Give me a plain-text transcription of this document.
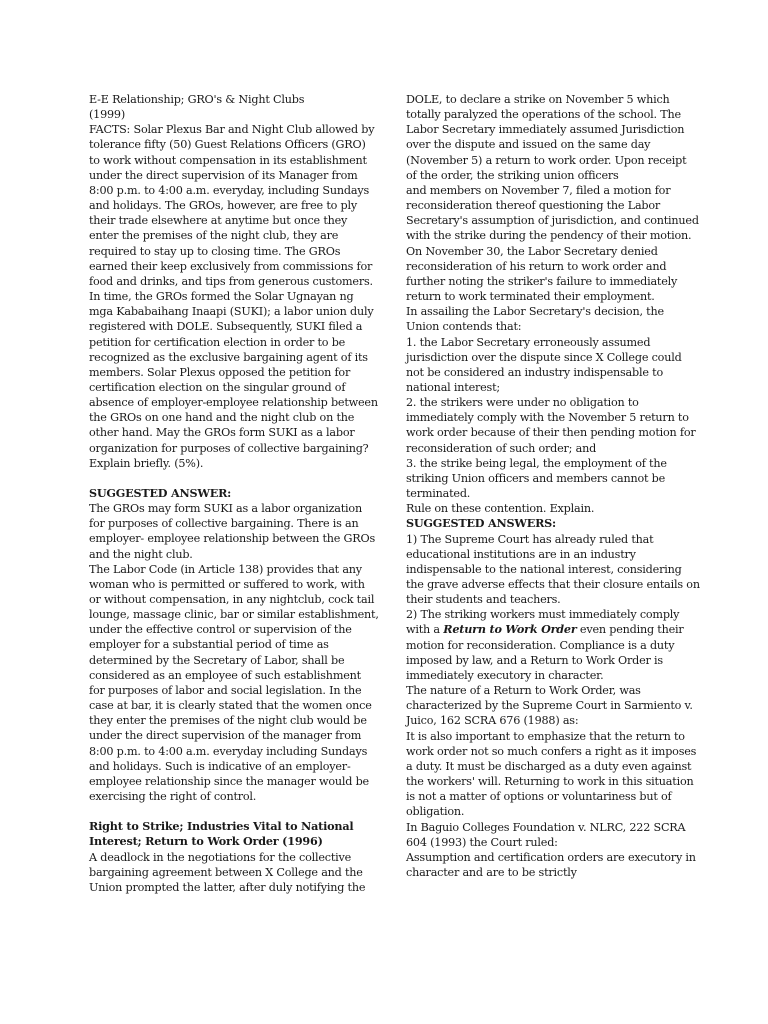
E-E Relationship; GRO's & Night Clubs

(1999)

FACTS: Solar Plexus Bar and Night Club allowed by tolerance fifty (50) Guest Relations Officers (GRO) to work without compensation in its establishment under the direct supervision of its Manager from 8:00 p.m. to 4:00 a.m. everyday, including Sundays and holidays. The GROs, however, are free to ply their trade elsewhere at anytime but once they enter the premises of the night club, they are required to stay up to closing time. The GROs earned their keep exclusively from commissions for food and drinks, and tips from generous customers. In time, the GROs formed the Solar Ugnayan ng mga Kababaihang Inaapi (SUKI); a labor union duly registered with DOLE. Subsequently, SUKI filed a petition for certification election in order to be recognized as the exclusive bargaining agent of its members. Solar Plexus opposed the petition for certification election on the singular ground of absence of employer-employee relationship between the GROs on one hand and the night club on the other hand. May the GROs form SUKI as a labor organization for purposes of collective bargaining? Explain briefly. (5%).

SUGGESTED ANSWER:

The GROs may form SUKI as a labor organization for purposes of collective bargaining. There is an employer- employee relationship between the GROs and the night club.

The Labor Code (in Article 138) provides that any woman who is permitted or suffered to work, with or without compensation, in any nightclub, cock tail lounge, massage clinic, bar or similar establishment, under the effective control or supervision of the employer for a substantial period of time as determined by the Secretary of Labor, shall be considered as an employee of such establishment for purposes of labor and social legislation. In the case at bar, it is clearly stated that the women once they enter the premises of the night club would be under the direct supervision of the manager from 8:00 p.m. to 4:00 a.m. everyday including Sundays and holidays. Such is indicative of an employer-employee relationship since the manager would be exercising the right of control.

Right to Strike; Industries Vital to National Interest; Return to Work Order (1996)

A deadlock in the negotiations for the collective bargaining agreement between X College and the Union prompted the latter, after duly notifying the

DOLE, to declare a strike on November 5 which totally paralyzed the operations of the school. The Labor Secretary immediately assumed Jurisdiction over the dispute and issued on the same day (November 5) a return to work order. Upon receipt of the order, the striking union officers

and members on November 7, filed a motion for reconsideration thereof questioning the Labor Secretary's assumption of jurisdiction, and continued with the strike during the pendency of their motion.

On November 30, the Labor Secretary denied reconsideration of his return to work order and further noting the striker's failure to immediately return to work terminated their employment.

In assailing the Labor Secretary's decision, the Union contends that:

1. the Labor Secretary erroneously assumed jurisdiction over the dispute since X College could not be considered an industry indispensable to national interest;

2. the strikers were under no obligation to immediately comply with the November 5 return to work order because of their then pending motion for reconsideration of such order; and

3. the strike being legal, the employment of the striking Union officers and members cannot be terminated.

Rule on these contention. Explain.

SUGGESTED ANSWERS:

1) The Supreme Court has already ruled that educational institutions are in an industry indispensable to the national interest, considering the grave adverse effects that their closure entails on their students and teachers.

2) The striking workers must immediately comply with a Return to Work Order even pending their motion for reconsideration. Compliance is a duty imposed by law, and a Return to Work Order is immediately executory in character.

The nature of a Return to Work Order, was characterized by the Supreme Court in Sarmiento v. Juico, 162 SCRA 676 (1988) as:

It is also important to emphasize that the return to work order not so much confers a right as it imposes a duty. It must be discharged as a duty even against the workers' will. Returning to work in this situation is not a matter of options or voluntariness but of obligation.

In Baguio Colleges Foundation v. NLRC, 222 SCRA 604 (1993) the Court ruled:

Assumption and certification orders are executory in character and are to be strictly
